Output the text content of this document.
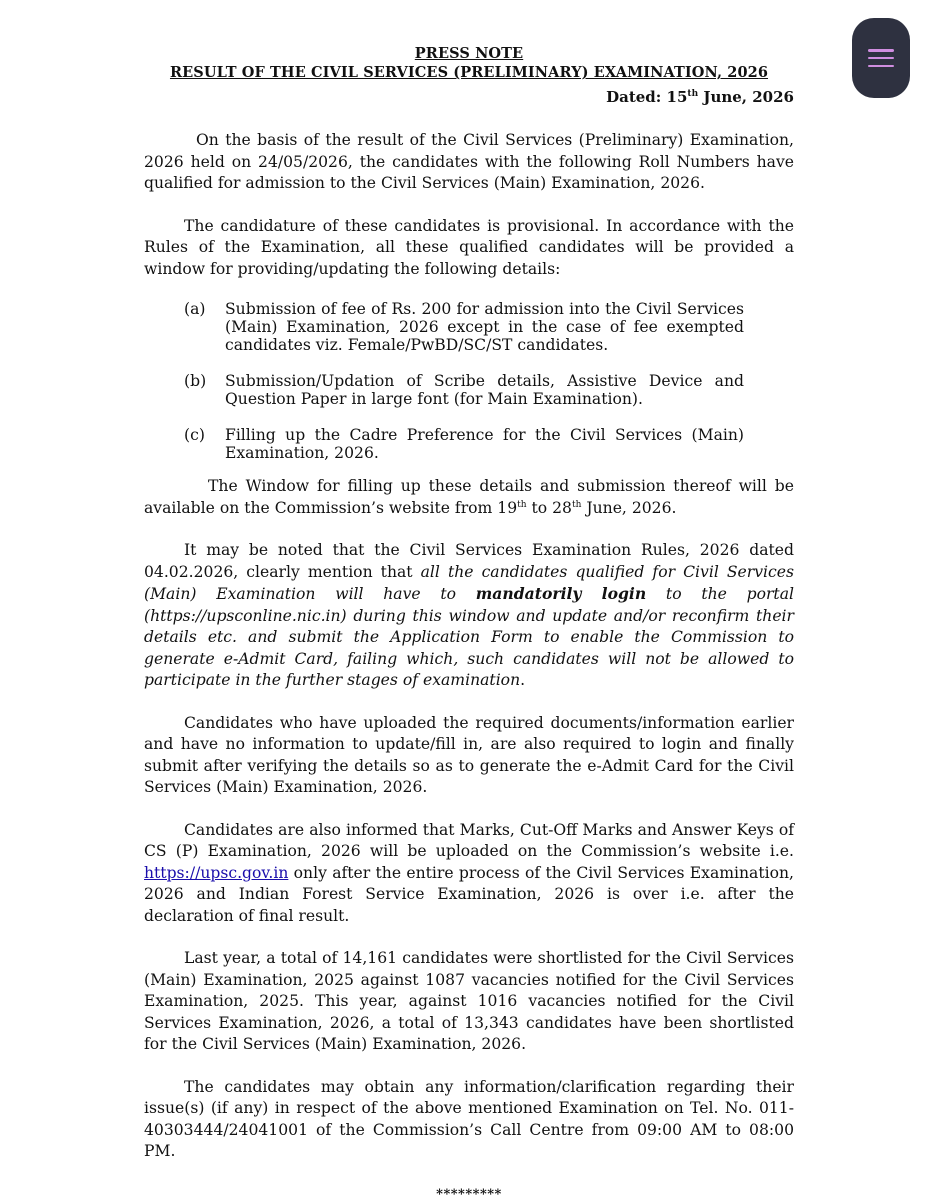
PRESS NOTE
RESULT OF THE CIVIL SERVICES (PRELIMINARY) EXAMINATION, 2026
Dated: 15th June, 2026

On the basis of the result of the Civil Services (Preliminary) Examination, 2026 held on 24/05/2026, the candidates with the following Roll Numbers have qualified for admission to the Civil Services (Main) Examination, 2026.

The candidature of these candidates is provisional. In accordance with the Rules of the Examination, all these qualified candidates will be provided a window for providing/updating the following details:

(a)	Submission of fee of Rs. 200 for admission into the Civil Services (Main) Examination, 2026 except in the case of fee exempted candidates viz. Female/PwBD/SC/ST candidates.

(b)	Submission/Updation of Scribe details, Assistive Device and Question Paper in large font (for Main Examination).

(c)	Filling up the Cadre Preference for the Civil Services (Main) Examination, 2026.

The Window for filling up these details and submission thereof will be available on the Commission’s website from 19th to 28th June, 2026.

It may be noted that the Civil Services Examination Rules, 2026 dated 04.02.2026, clearly mention that all the candidates qualified for Civil Services (Main) Examination will have to mandatorily login to the portal (https://upsconline.nic.in) during this window and update and/or reconfirm their details etc. and submit the Application Form to enable the Commission to generate e-Admit Card, failing which, such candidates will not be allowed to participate in the further stages of examination.

Candidates who have uploaded the required documents/information earlier and have no information to update/fill in, are also required to login and finally submit after verifying the details so as to generate the e-Admit Card for the Civil Services (Main) Examination, 2026.

Candidates are also informed that Marks, Cut-Off Marks and Answer Keys of CS (P) Examination, 2026 will be uploaded on the Commission’s website i.e. https://upsc.gov.in only after the entire process of the Civil Services Examination, 2026 and Indian Forest Service Examination, 2026 is over i.e. after the declaration of final result.

Last year, a total of 14,161 candidates were shortlisted for the Civil Services (Main) Examination, 2025 against 1087 vacancies notified for the Civil Services Examination, 2025. This year, against 1016 vacancies notified for the Civil Services Examination, 2026, a total of 13,343 candidates have been shortlisted for the Civil Services (Main) Examination, 2026.

The candidates may obtain any information/clarification regarding their issue(s) (if any) in respect of the above mentioned Examination on Tel. No. 011-40303444/24041001 of the Commission’s Call Centre from 09:00 AM to 08:00 PM.

*********
